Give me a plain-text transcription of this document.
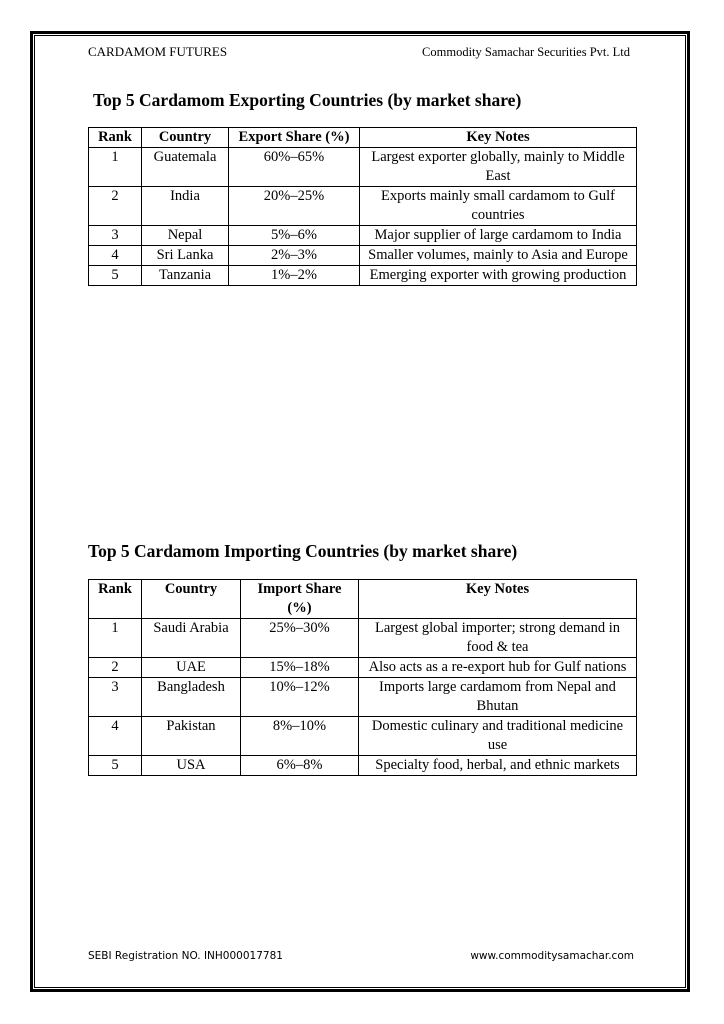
CARDAMOM FUTURES	Commodity Samachar Securities Pvt. Ltd
Top 5 Cardamom Exporting Countries (by market share)
Rank	Country	Export Share (%)	Key Notes
1	Guatemala	60%–65%	Largest exporter globally, mainly to Middle East
2	India	20%–25%	Exports mainly small cardamom to Gulf countries
3	Nepal	5%–6%	Major supplier of large cardamom to India
4	Sri Lanka	2%–3%	Smaller volumes, mainly to Asia and Europe
5	Tanzania	1%–2%	Emerging exporter with growing production
Top 5 Cardamom Importing Countries (by market share)
Rank	Country	Import Share (%)	Key Notes
1	Saudi Arabia	25%–30%	Largest global importer; strong demand in food & tea
2	UAE	15%–18%	Also acts as a re-export hub for Gulf nations
3	Bangladesh	10%–12%	Imports large cardamom from Nepal and Bhutan
4	Pakistan	8%–10%	Domestic culinary and traditional medicine use
5	USA	6%–8%	Specialty food, herbal, and ethnic markets
SEBI Registration NO. INH000017781	www.commoditysamachar.com
